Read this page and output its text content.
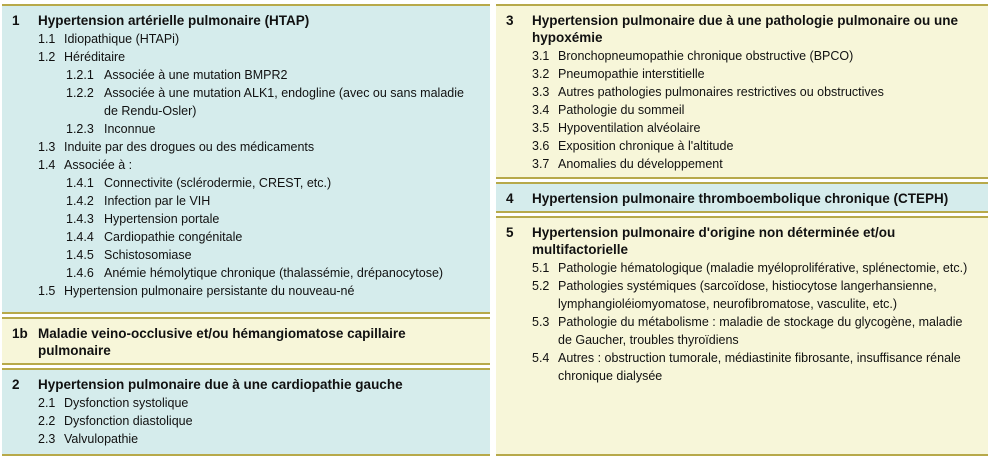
1	Hypertension artérielle pulmonaire (HTAP)
1.1 Idiopathique (HTAPi)
1.2 Héréditaire
1.2.1 Associée à une mutation BMPR2
1.2.2 Associée à une mutation ALK1, endogline (avec ou sans maladie de Rendu-Osler)
1.2.3 Inconnue
1.3 Induite par des drogues ou des médicaments
1.4 Associée à :
1.4.1 Connectivite (sclérodermie, CREST, etc.)
1.4.2 Infection par le VIH
1.4.3 Hypertension portale
1.4.4 Cardiopathie congénitale
1.4.5 Schistosomiase
1.4.6 Anémie hémolytique chronique (thalassémie, drépanocytose)
1.5 Hypertension pulmonaire persistante du nouveau-né
1b Maladie veino-occlusive et/ou hémangiomatose capillaire pulmonaire
2	Hypertension pulmonaire due à une cardiopathie gauche
2.1 Dysfonction systolique
2.2 Dysfonction diastolique
2.3 Valvulopathie
3	Hypertension pulmonaire due à une pathologie pulmonaire ou une hypoxémie
3.1 Bronchopneumopathie chronique obstructive (BPCO)
3.2 Pneumopathie interstitielle
3.3 Autres pathologies pulmonaires restrictives ou obstructives
3.4 Pathologie du sommeil
3.5 Hypoventilation alvéolaire
3.6 Exposition chronique à l'altitude
3.7 Anomalies du développement
4	Hypertension pulmonaire thromboembolique chronique (CTEPH)
5	Hypertension pulmonaire d'origine non déterminée et/ou multifactorielle
5.1 Pathologie hématologique (maladie myéloproliférative, splénectomie, etc.)
5.2 Pathologies systémiques (sarcoïdose, histiocytose langerhansienne, lymphangioléiomyomatose, neurofibromatose, vasculite, etc.)
5.3 Pathologie du métabolisme : maladie de stockage du glycogène, maladie de Gaucher, troubles thyroïdiens
5.4 Autres : obstruction tumorale, médiastinite fibrosante, insuffisance rénale chronique dialysée
